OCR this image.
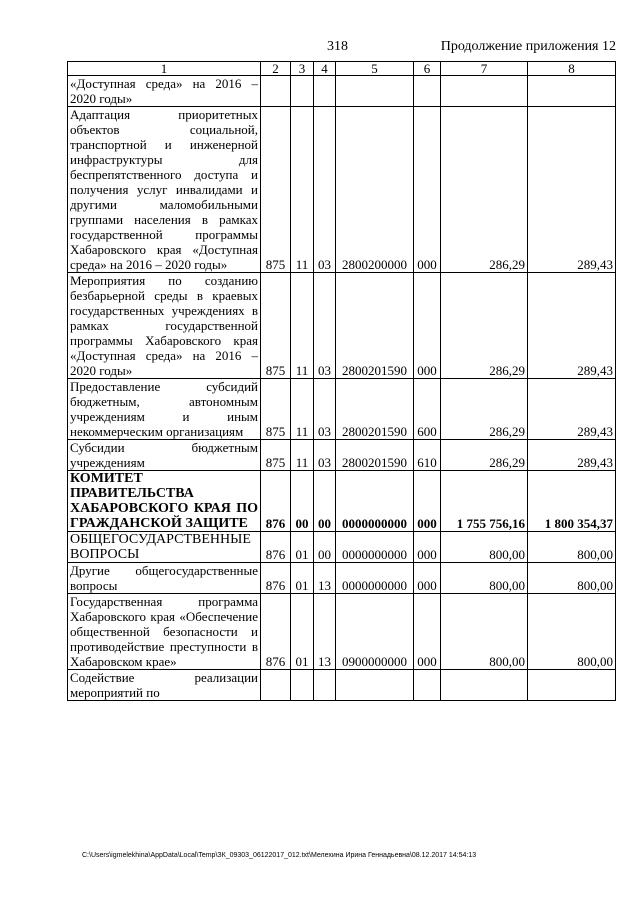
318	Продолжение приложения 12
1	2	3	4	5	6	7	8
«Доступная среда» на 2016 – 2020 годы»							
Адаптация приоритетных объектов социальной, транспортной и инженерной инфраструктуры для беспрепятственного доступа и получения услуг инвалидами и другими маломобильными группами населения в рамках государственной программы Хабаровского края «Доступная среда» на 2016 – 2020 годы»	875	11	03	2800200000	000	286,29	289,43
Мероприятия по созданию безбарьерной среды в краевых государственных учреждениях в рамках государственной программы Хабаровского края «Доступная среда» на 2016 – 2020 годы»	875	11	03	2800201590	000	286,29	289,43
Предоставление субсидий бюджетным, автономным учреждениям и иным некоммерческим организациям	875	11	03	2800201590	600	286,29	289,43
Субсидии бюджетным учреждениям	875	11	03	2800201590	610	286,29	289,43
КОМИТЕТ ПРАВИТЕЛЬСТВА ХАБАРОВСКОГО КРАЯ ПО ГРАЖДАНСКОЙ ЗАЩИТЕ	876	00	00	0000000000	000	1 755 756,16	1 800 354,37
ОБЩЕГОСУДАРСТВЕННЫЕ ВОПРОСЫ	876	01	00	0000000000	000	800,00	800,00
Другие общегосударственные вопросы	876	01	13	0000000000	000	800,00	800,00
Государственная программа Хабаровского края «Обеспечение общественной безопасности и противодействие преступности в Хабаровском крае»	876	01	13	0900000000	000	800,00	800,00
Содействие реализации мероприятий по							
C:\Users\igmelekhina\AppData\Local\Temp\ЗК_09303_06122017_012.txt\Мелехина Ирина Геннадьевна\08.12.2017 14:54:13
